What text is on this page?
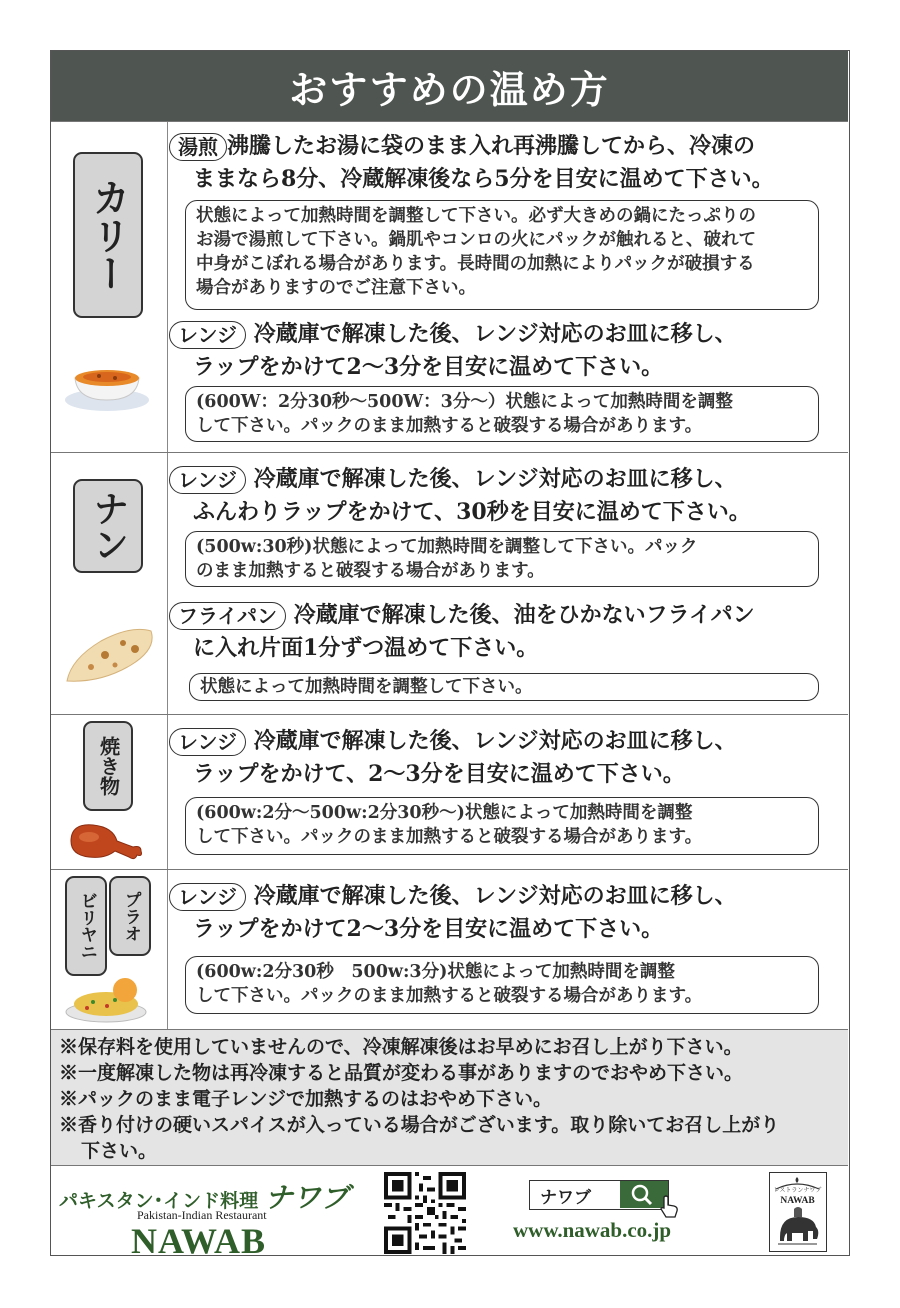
おすすめの温め方
カリー
湯煎 沸騰したお湯に袋のまま入れ再沸騰してから、冷凍の
ままなら8分、冷蔵解凍後なら5分を目安に温めて下さい。
状態によって加熱時間を調整して下さい。必ず大きめの鍋にたっぷりの
お湯で湯煎して下さい。鍋肌やコンロの火にパックが触れると、破れて
中身がこぼれる場合があります。長時間の加熱によりパックが破損する
場合がありますのでご注意下さい。
レンジ 冷蔵庫で解凍した後、レンジ対応のお皿に移し、
ラップをかけて2～3分を目安に温めて下さい。
(600W：2分30秒～500W：3分～）状態によって加熱時間を調整
して下さい。パックのまま加熱すると破裂する場合があります。
ナン
レンジ 冷蔵庫で解凍した後、レンジ対応のお皿に移し、
ふんわりラップをかけて、30秒を目安に温めて下さい。
(500w:30秒)状態によって加熱時間を調整して下さい。パック
のまま加熱すると破裂する場合があります。
フライパン 冷蔵庫で解凍した後、油をひかないフライパン
に入れ片面1分ずつ温めて下さい。
状態によって加熱時間を調整して下さい。
焼き物	レンジ 冷蔵庫で解凍した後、レンジ対応のお皿に移し、
ラップをかけて、2～3分を目安に温めて下さい。
(600w:2分～500w:2分30秒～)状態によって加熱時間を調整
して下さい。パックのまま加熱すると破裂する場合があります。
プラオ
ビリヤニ	レンジ 冷蔵庫で解凍した後、レンジ対応のお皿に移し、
ラップをかけて2～3分を目安に温めて下さい。
(600w:2分30秒　500w:3分)状態によって加熱時間を調整
して下さい。パックのまま加熱すると破裂する場合があります。
※保存料を使用していませんので、冷凍解凍後はお早めにお召し上がり下さい。
※一度解凍した物は再冷凍すると品質が変わる事がありますのでおやめ下さい。
※パックのまま電子レンジで加熱するのはおやめ下さい。
※香り付けの硬いスパイスが入っている場合がございます。取り除いてお召し上がり
下さい。
パキスタン･インド料理 ナワブ
Pakistan-Indian Restaurant
NAWAB
ナワブ
www.nawab.co.jp
レストランナワブ
NAWAB
